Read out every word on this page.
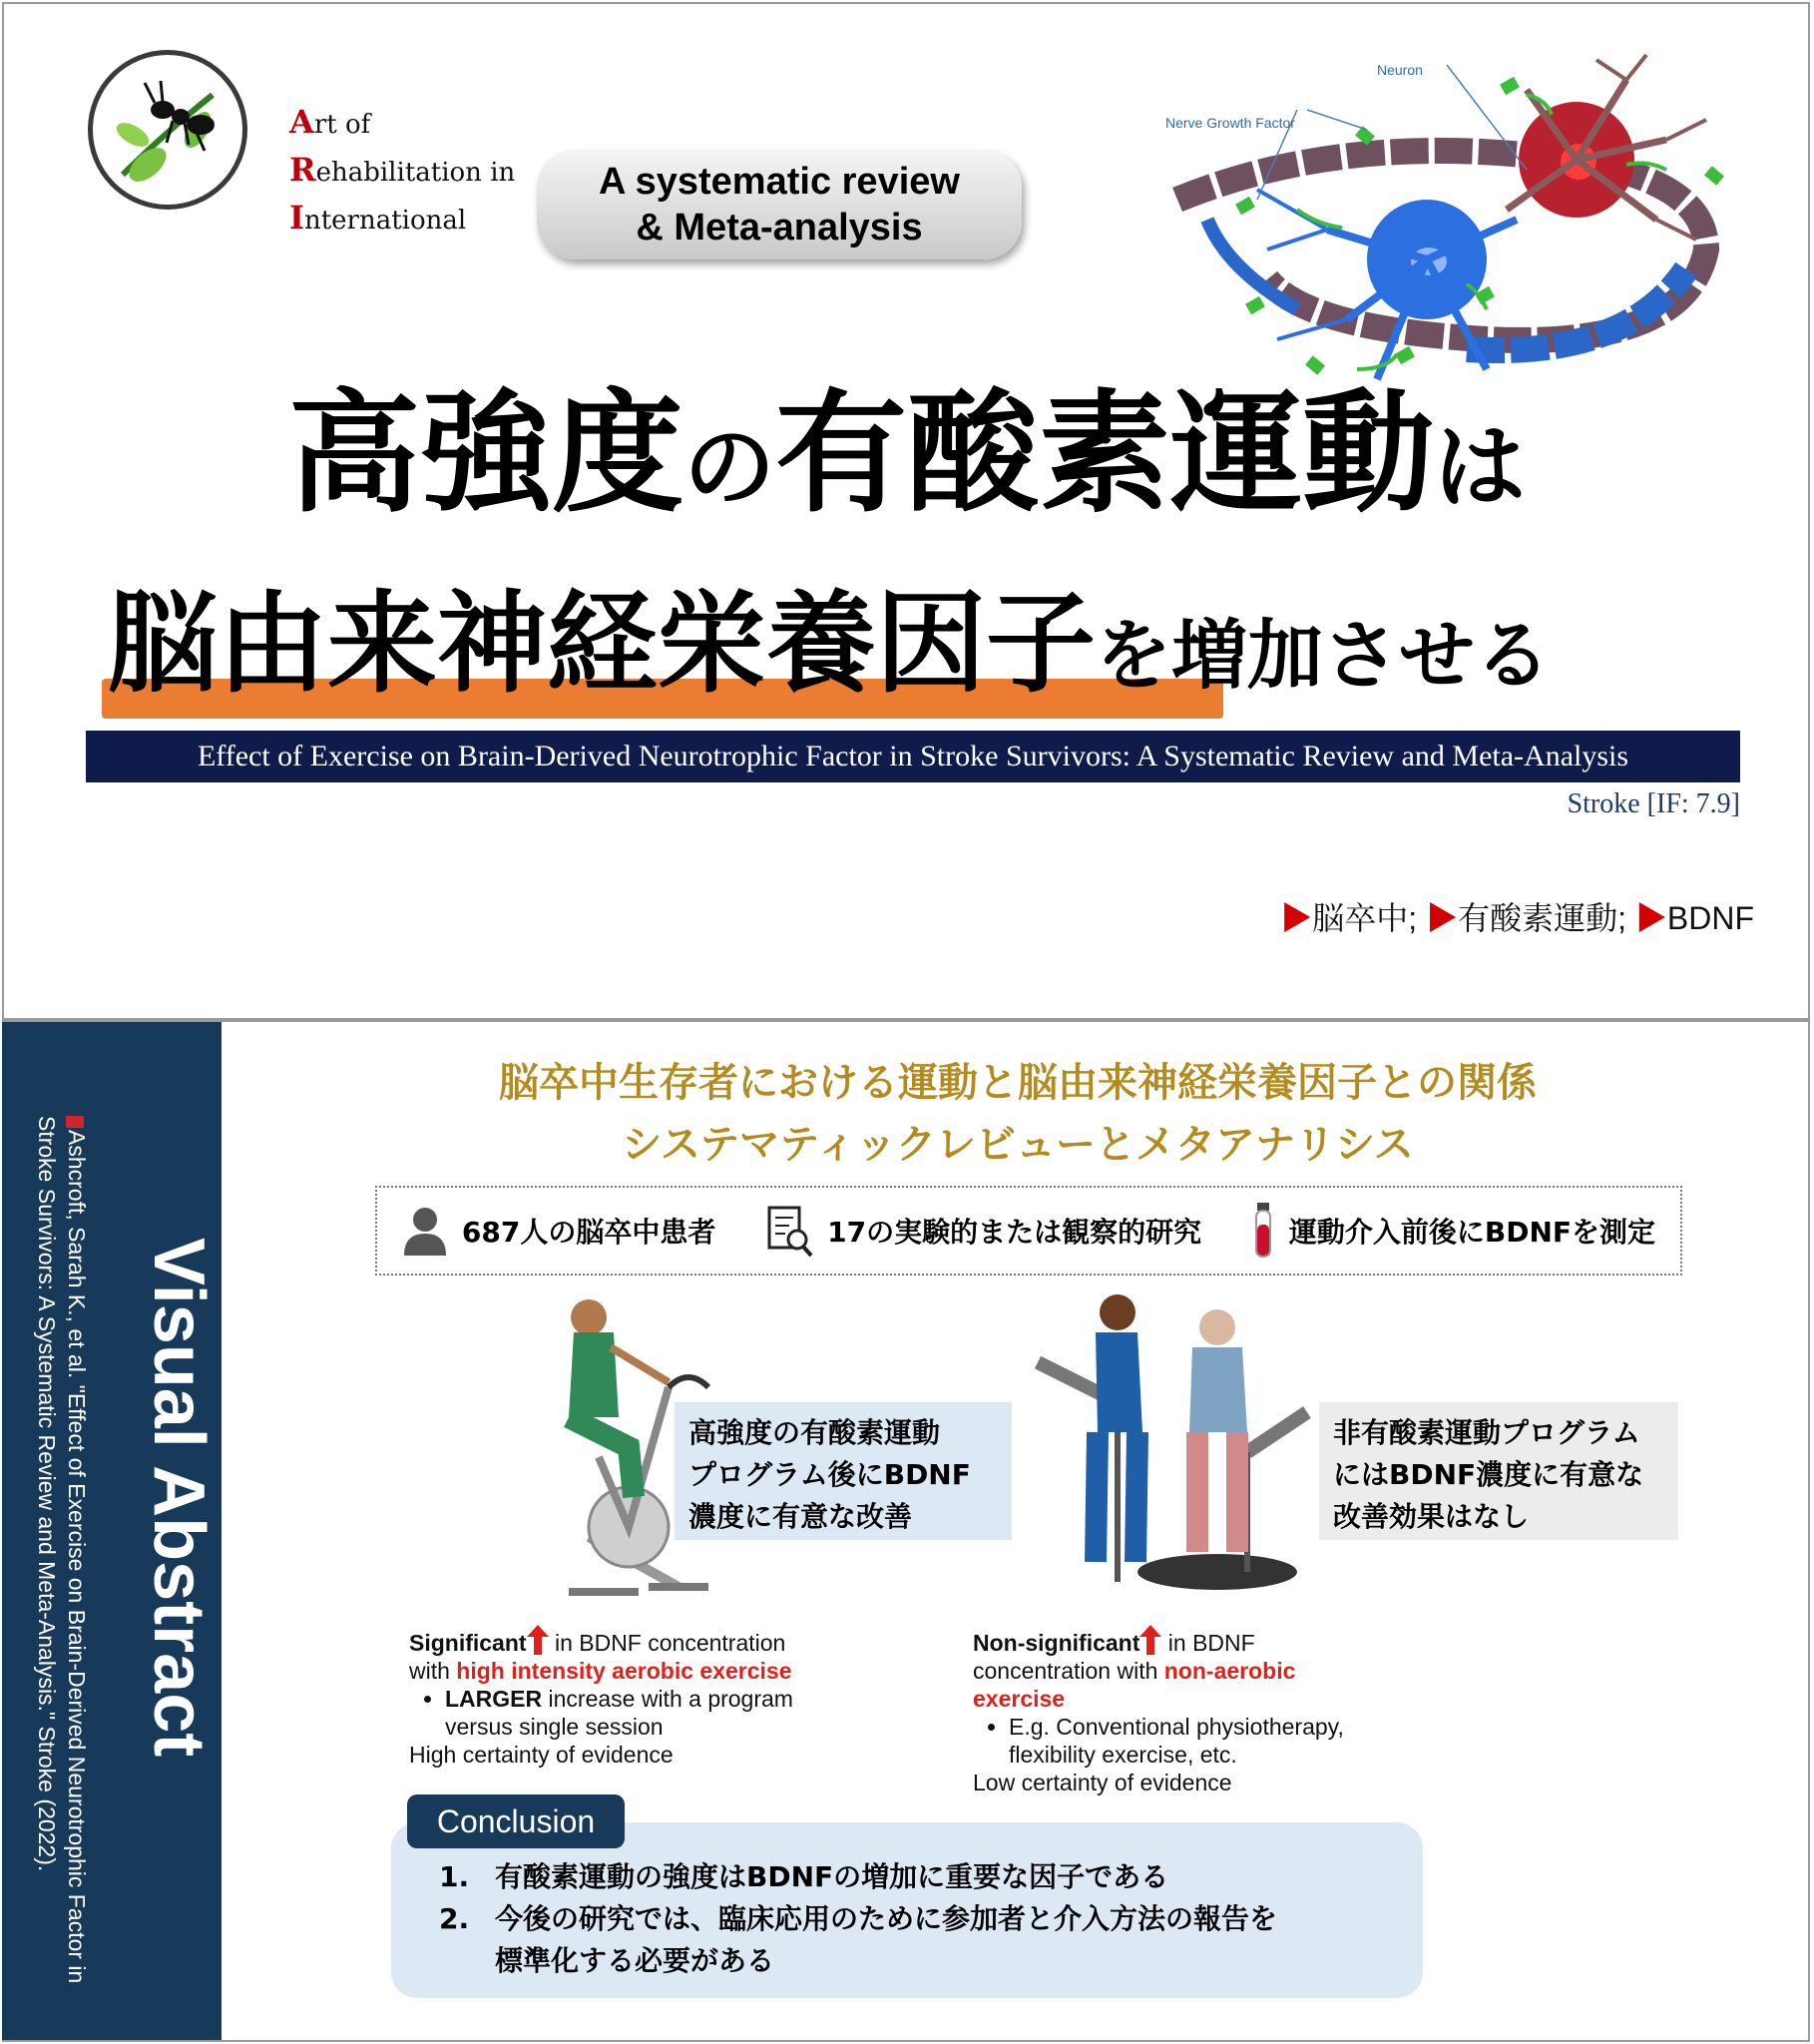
Art of
Rehabilitation in
International
A systematic review
& Meta-analysis
Neuron
Nerve Growth Factor
高強度の有酸素運動は
脳由来神経栄養因子を増加させる
Effect of Exercise on Brain-Derived Neurotrophic Factor in Stroke Survivors: A Systematic Review and Meta-Analysis
Stroke [IF: 7.9]
▶脳卒中; ▶有酸素運動; ▶BDNF
Visual Abstract
Ashcroft, Sarah K., et al. "Effect of Exercise on Brain-Derived Neurotrophic Factor in
Stroke Survivors: A Systematic Review and Meta-Analysis." Stroke (2022).
脳卒中生存者における運動と脳由来神経栄養因子との関係
システマティックレビューとメタアナリシス
687人の脳卒中患者	17の実験的または観察的研究	運動介入前後にBDNFを測定
高強度の有酸素運動
プログラム後にBDNF
濃度に有意な改善
非有酸素運動プログラム
にはBDNF濃度に有意な
改善効果はなし
Significant in BDNF concentration
with high intensity aerobic exercise
• LARGER increase with a program
versus single session
High certainty of evidence
Non-significant in BDNF
concentration with non-aerobic
exercise
• E.g. Conventional physiotherapy,
flexibility exercise, etc.
Low certainty of evidence
Conclusion
1. 有酸素運動の強度はBDNFの増加に重要な因子である
2. 今後の研究では、臨床応用のために参加者と介入方法の報告を
標準化する必要がある
